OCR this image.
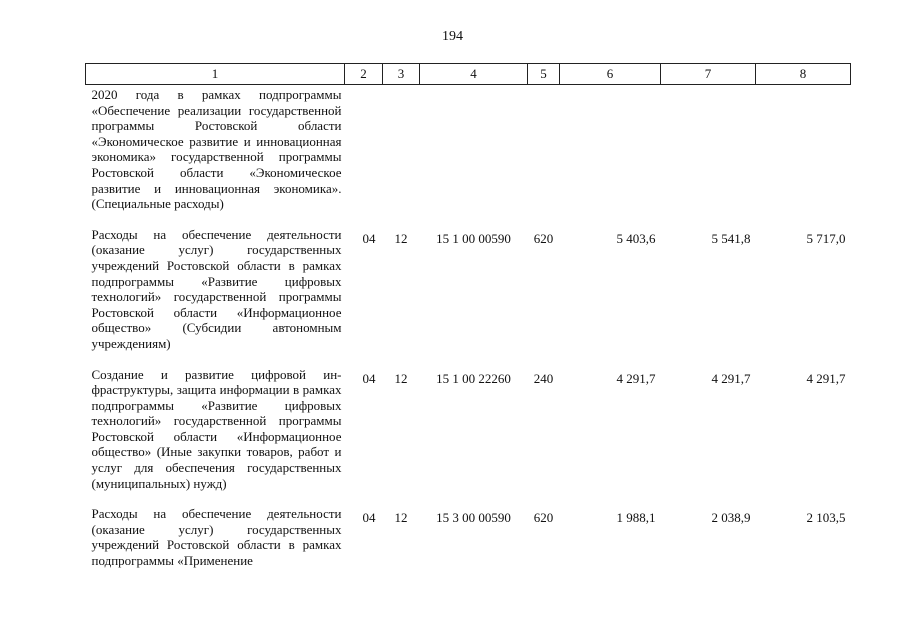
194
1	2	3	4	5	6	7	8
2020 года в рамках подпрограммы «Обеспечение реализации государственной программы Ростовской области «Экономическое развитие и инновационная экономика» государственной программы Ростовской области «Экономическое развитие и инновационная экономика». (Специальные расходы)							
Расходы на обеспечение деятельности (оказание услуг) государственных учреждений Ростовской области в рамках подпрограммы «Развитие цифровых технологий» государственной программы Ростовской области «Информационное общество» (Субсидии автономным учреждениям)	04	12	15 1 00 00590	620	5 403,6	5 541,8	5 717,0
Создание и развитие цифровой инфраструктуры, защита информации в рамках подпрограммы «Развитие цифровых технологий» государственной программы Ростовской области «Информационное общество» (Иные закупки товаров, работ и услуг для обеспечения государственных (муниципальных) нужд)	04	12	15 1 00 22260	240	4 291,7	4 291,7	4 291,7
Расходы на обеспечение деятельности (оказание услуг) государственных учреждений Ростовской области в рамках подпрограммы «Применение	04	12	15 3 00 00590	620	1 988,1	2 038,9	2 103,5
